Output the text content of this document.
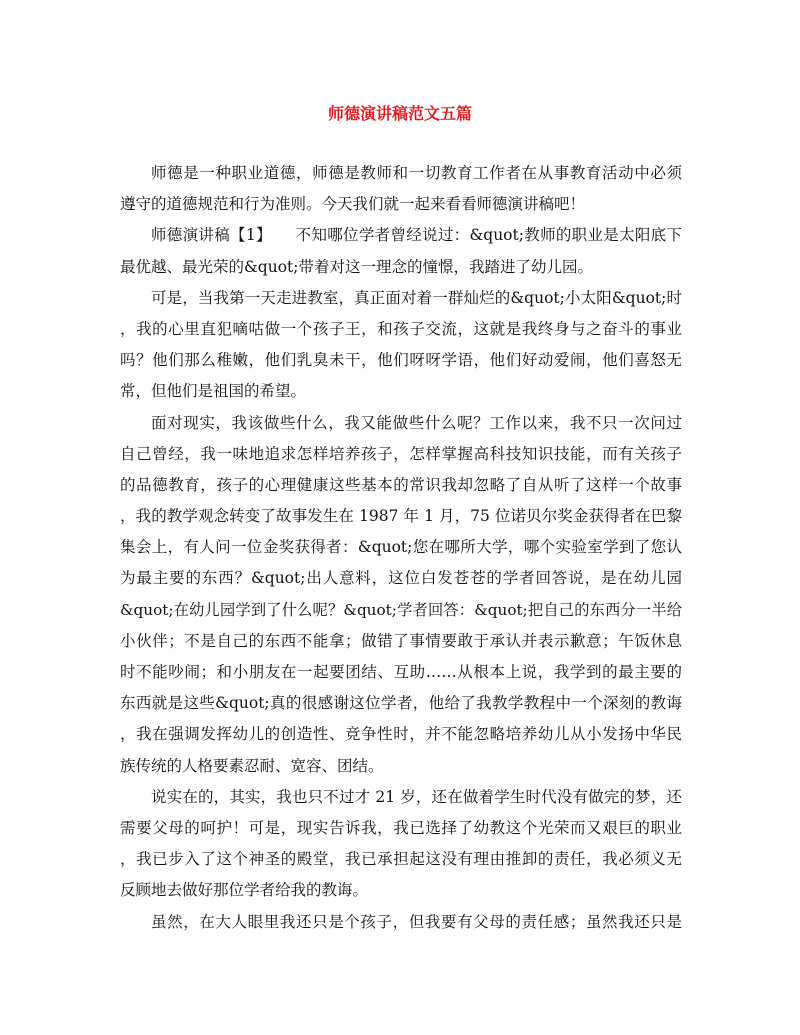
师德演讲稿范文五篇
师德是一种职业道德，师德是教师和一切教育工作者在从事教育活动中必须
遵守的道德规范和行为准则。今天我们就一起来看看师德演讲稿吧！
师德演讲稿【1】　　不知哪位学者曾经说过：&quot;教师的职业是太阳底下
最优越、最光荣的&quot;带着对这一理念的憧憬，我踏进了幼儿园。
可是，当我第一天走进教室，真正面对着一群灿烂的&quot;小太阳&quot;时
，我的心里直犯嘀咕做一个孩子王，和孩子交流，这就是我终身与之奋斗的事业
吗？他们那么稚嫩，他们乳臭未干，他们呀呀学语，他们好动爱闹，他们喜怒无
常，但他们是祖国的希望。
面对现实，我该做些什么，我又能做些什么呢？工作以来，我不只一次问过
自己曾经，我一味地追求怎样培养孩子，怎样掌握高科技知识技能，而有关孩子
的品德教育，孩子的心理健康这些基本的常识我却忽略了自从听了这样一个故事
，我的教学观念转变了故事发生在 1987 年 1 月，75 位诺贝尔奖金获得者在巴黎
集会上，有人问一位金奖获得者：&quot;您在哪所大学，哪个实验室学到了您认
为最主要的东西？&quot;出人意料，这位白发苍苍的学者回答说，是在幼儿园
&quot;在幼儿园学到了什么呢？&quot;学者回答：&quot;把自己的东西分一半给
小伙伴；不是自己的东西不能拿；做错了事情要敢于承认并表示歉意；午饭休息
时不能吵闹；和小朋友在一起要团结、互助……从根本上说，我学到的最主要的
东西就是这些&quot;真的很感谢这位学者，他给了我教学教程中一个深刻的教诲
，我在强调发挥幼儿的创造性、竞争性时，并不能忽略培养幼儿从小发扬中华民
族传统的人格要素忍耐、宽容、团结。
说实在的，其实，我也只不过才 21 岁，还在做着学生时代没有做完的梦，还
需要父母的呵护！可是，现实告诉我，我已选择了幼教这个光荣而又艰巨的职业
，我已步入了这个神圣的殿堂，我已承担起这没有理由推卸的责任，我必须义无
反顾地去做好那位学者给我的教诲。
虽然，在大人眼里我还只是个孩子，但我要有父母的责任感；虽然我还只是
